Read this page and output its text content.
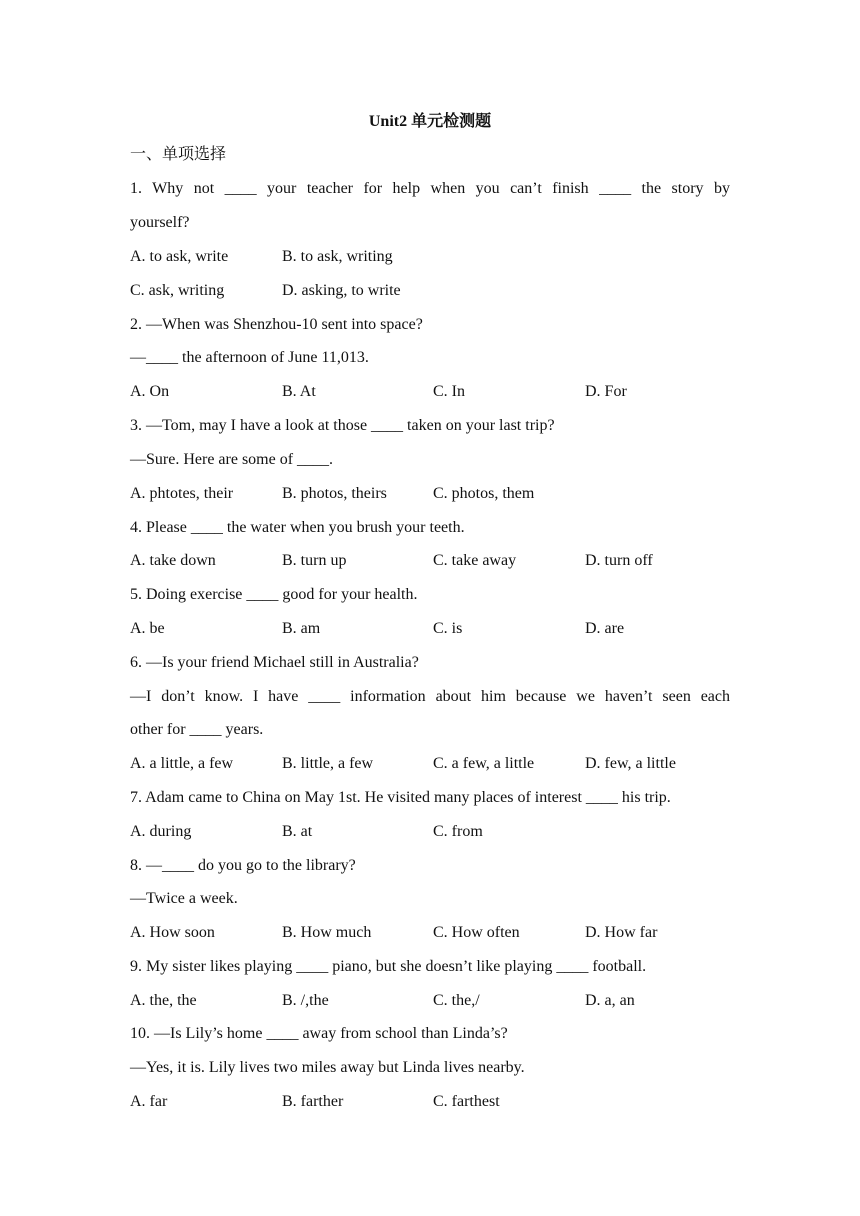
Unit2 单元检测题
一、单项选择
1. Why not ____ your teacher for help when you can’t finish ____ the story by
yourself?
A. to ask, write	B. to ask, writing
C. ask, writing	D. asking, to write
2. —When was Shenzhou-10 sent into space?
—____ the afternoon of June 11,013.
A. On	B. At	C. In	D. For
3. —Tom, may I have a look at those ____ taken on your last trip?
—Sure. Here are some of ____.
A. phtotes, their	B. photos, theirs	C. photos, them
4. Please ____ the water when you brush your teeth.
A. take down	B. turn up	C. take away	D. turn off
5. Doing exercise ____ good for your health.
A. be	B. am	C. is	D. are
6. —Is your friend Michael still in Australia?
—I don’t know. I have ____ information about him because we haven’t seen each
other for ____ years.
A. a little, a few	B. little, a few	C. a few, a little	D. few, a little
7. Adam came to China on May 1st. He visited many places of interest ____ his trip.
A. during	B. at	C. from
8. —____ do you go to the library?
—Twice a week.
A. How soon	B. How much	C. How often	D. How far
9. My sister likes playing ____ piano, but she doesn’t like playing ____ football.
A. the, the	B. /,the	C. the,/	D. a, an
10. —Is Lily’s home ____ away from school than Linda’s?
—Yes, it is. Lily lives two miles away but Linda lives nearby.
A. far	B. farther	C. farthest
